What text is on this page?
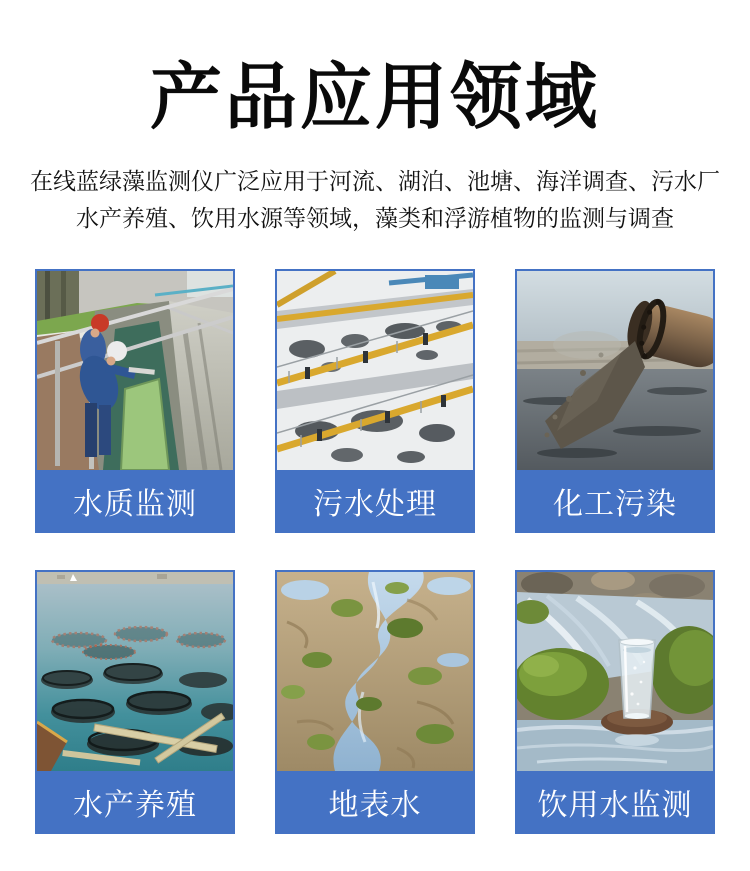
产品应用领域
在线蓝绿藻监测仪广泛应用于河流、湖泊、池塘、海洋调查、污水厂
水产养殖、饮用水源等领域，藻类和浮游植物的监测与调查
水质监测	污水处理	化工污染
水产养殖	地表水	饮用水监测
